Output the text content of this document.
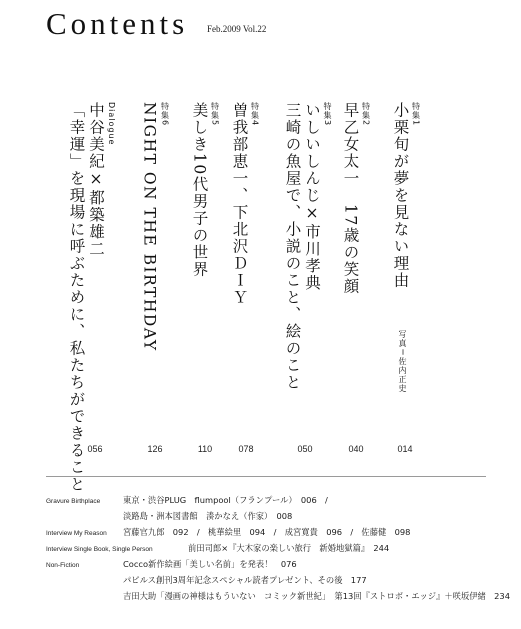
Contents Feb.2009 Vol.22
特集1
小栗旬が夢を見ない理由
写真＝佐内正史
014
特集2
早乙女太一　17歳の笑顔
040
特集3
いしいしんじ×市川孝典
三崎の魚屋で、小説のこと、絵のこと
050
特集4
曽我部恵一、下北沢ＤＩＹ
078
特集5
美しき10代男子の世界
110
特集6
NIGHT ON THE BIRTHDAY
126
Dialogue
中谷美紀×都築雄二
「幸運」を現場に呼ぶために、私たちができること 056
Gravure Birthplace	東京・渋谷PLUG　flumpool（フランプール）　006　/
淡路島・洲本図書館　湊かなえ（作家）　008
Interview My Reason	宮藤官九郎　092　/　桃華絵里　094　/　成宮寛貴　096　/　佐藤健　098
Interview Single Book, Single Person	前田司郎×『大木家の楽しい旅行　新婚地獄篇』　244
Non-Fiction	Cocco新作絵画「美しい名前」を発表！　076
パピルス創刊3周年記念スペシャル読者プレゼント、その後　177
吉田大助「漫画の神様はもういない　コミック新世紀」　第13回『ストロボ・エッジ』＋咲坂伊緒　234
